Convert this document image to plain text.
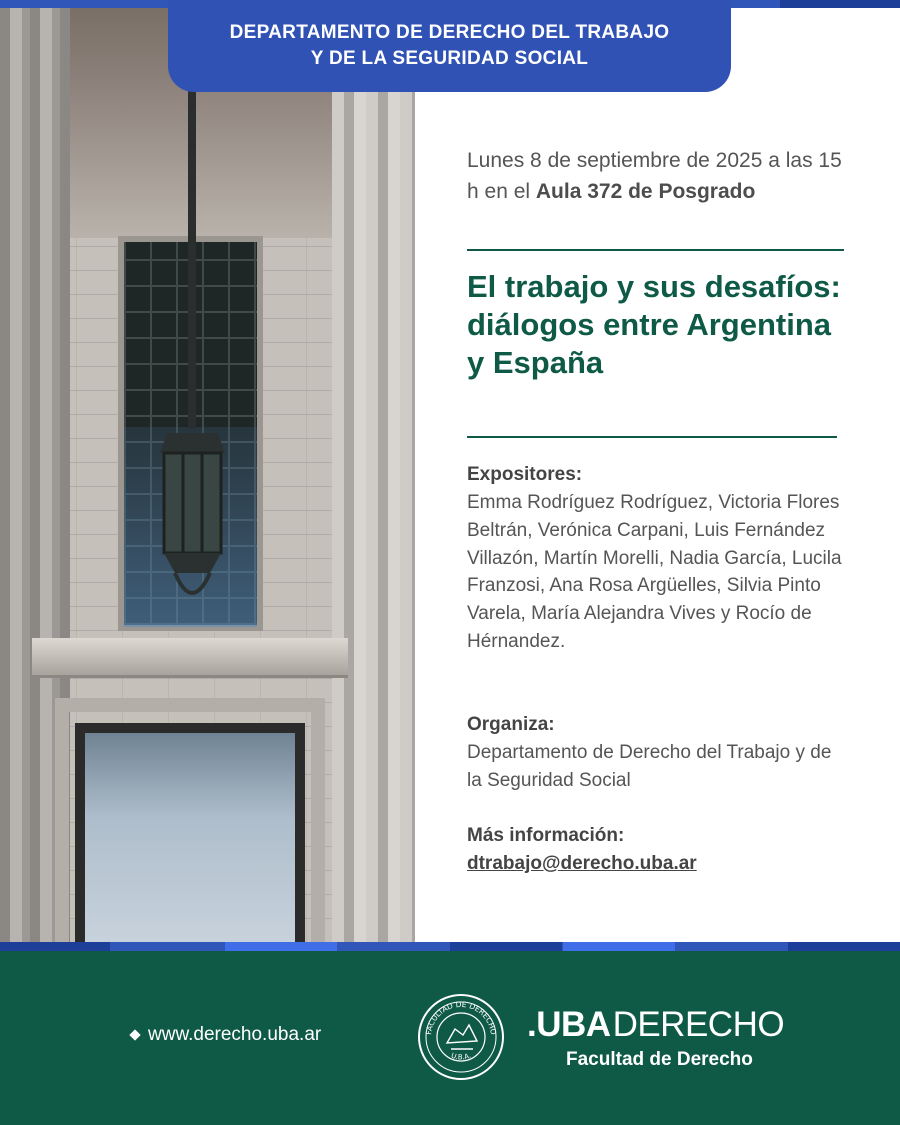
DEPARTAMENTO DE DERECHO DEL TRABAJO
Y DE LA SEGURIDAD SOCIAL

Lunes 8 de septiembre de 2025 a las 15 h en el Aula 372 de Posgrado

El trabajo y sus desafíos: diálogos entre Argentina y España
Expositores:

Emma Rodríguez Rodríguez, Victoria Flores Beltrán, Verónica Carpani, Luis Fernández Villazón, Martín Morelli, Nadia García, Lucila Franzosi, Ana Rosa Argüelles, Silvia Pinto Varela, María Alejandra Vives y Rocío de Hérnandez.

Organiza:

Departamento de Derecho del Trabajo y de la Seguridad Social

Más información:
dtrabajo@derecho.uba.ar
www.derecho.uba.ar	FACULTAD DE DERECHO
U.B.A.
.UBADERECHO
Facultad de Derecho
